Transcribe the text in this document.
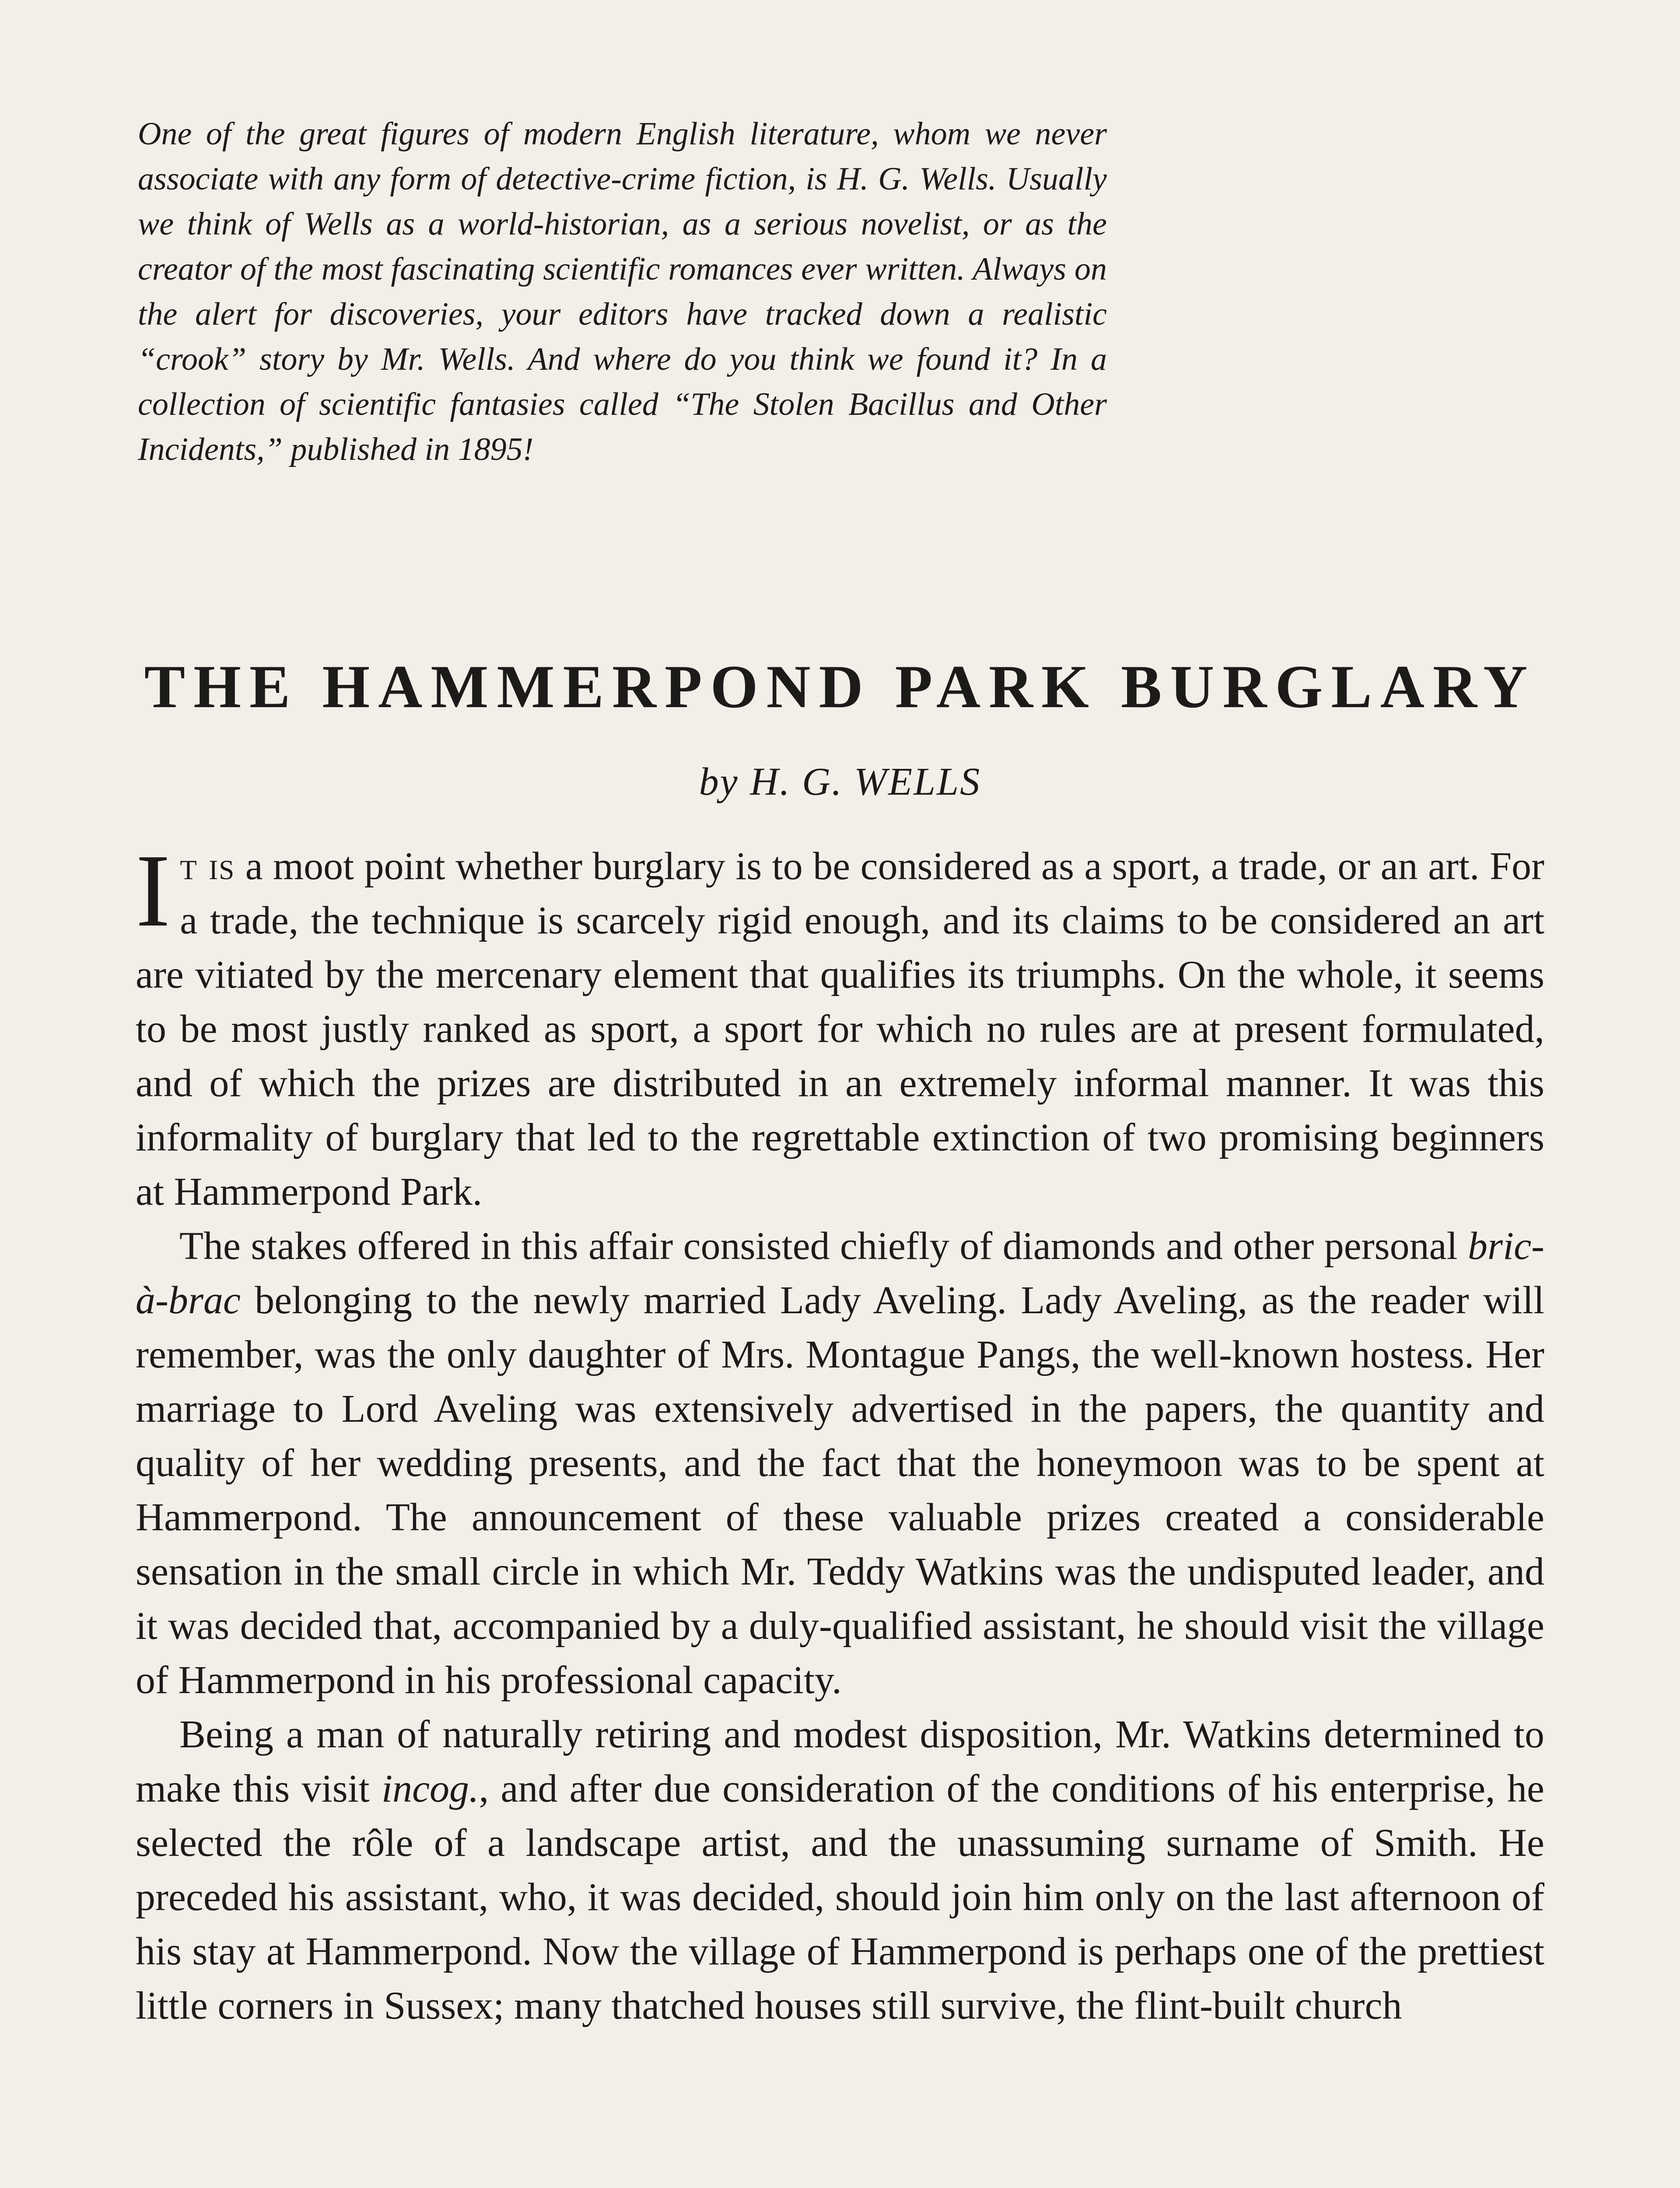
One of the great figures of modern English literature, whom we never associate with any form of detective-crime fiction, is H. G. Wells. Usually we think of Wells as a world-historian, as a serious novelist, or as the creator of the most fascinating scientific romances ever written. Always on the alert for discoveries, your editors have tracked down a realistic “crook” story by Mr. Wells. And where do you think we found it? In a collection of scientific fantasies called “The Stolen Bacillus and Other Incidents,” published in 1895!

THE HAMMERPOND PARK BURGLARY

by H. G. WELLS

It is a moot point whether burglary is to be considered as a sport, a trade, or an art. For a trade, the technique is scarcely rigid enough, and its claims to be considered an art are vitiated by the mercenary element that qualifies its triumphs. On the whole, it seems to be most justly ranked as sport, a sport for which no rules are at present formulated, and of which the prizes are distributed in an extremely informal manner. It was this informality of burglary that led to the regrettable extinction of two promising beginners at Hammerpond Park.

The stakes offered in this affair consisted chiefly of diamonds and other personal bric-à-brac belonging to the newly married Lady Aveling. Lady Aveling, as the reader will remember, was the only daughter of Mrs. Montague Pangs, the well-known hostess. Her marriage to Lord Aveling was extensively advertised in the papers, the quantity and quality of her wedding presents, and the fact that the honeymoon was to be spent at Hammerpond. The announcement of these valuable prizes created a considerable sensation in the small circle in which Mr. Teddy Watkins was the undisputed leader, and it was decided that, accompanied by a duly-qualified assistant, he should visit the village of Hammerpond in his professional capacity.

Being a man of naturally retiring and modest disposition, Mr. Watkins determined to make this visit incog., and after due consideration of the conditions of his enterprise, he selected the rôle of a landscape artist, and the unassuming surname of Smith. He preceded his assistant, who, it was decided, should join him only on the last afternoon of his stay at Hammerpond. Now the village of Hammerpond is perhaps one of the prettiest little corners in Sussex; many thatched houses still survive, the flint-built church
